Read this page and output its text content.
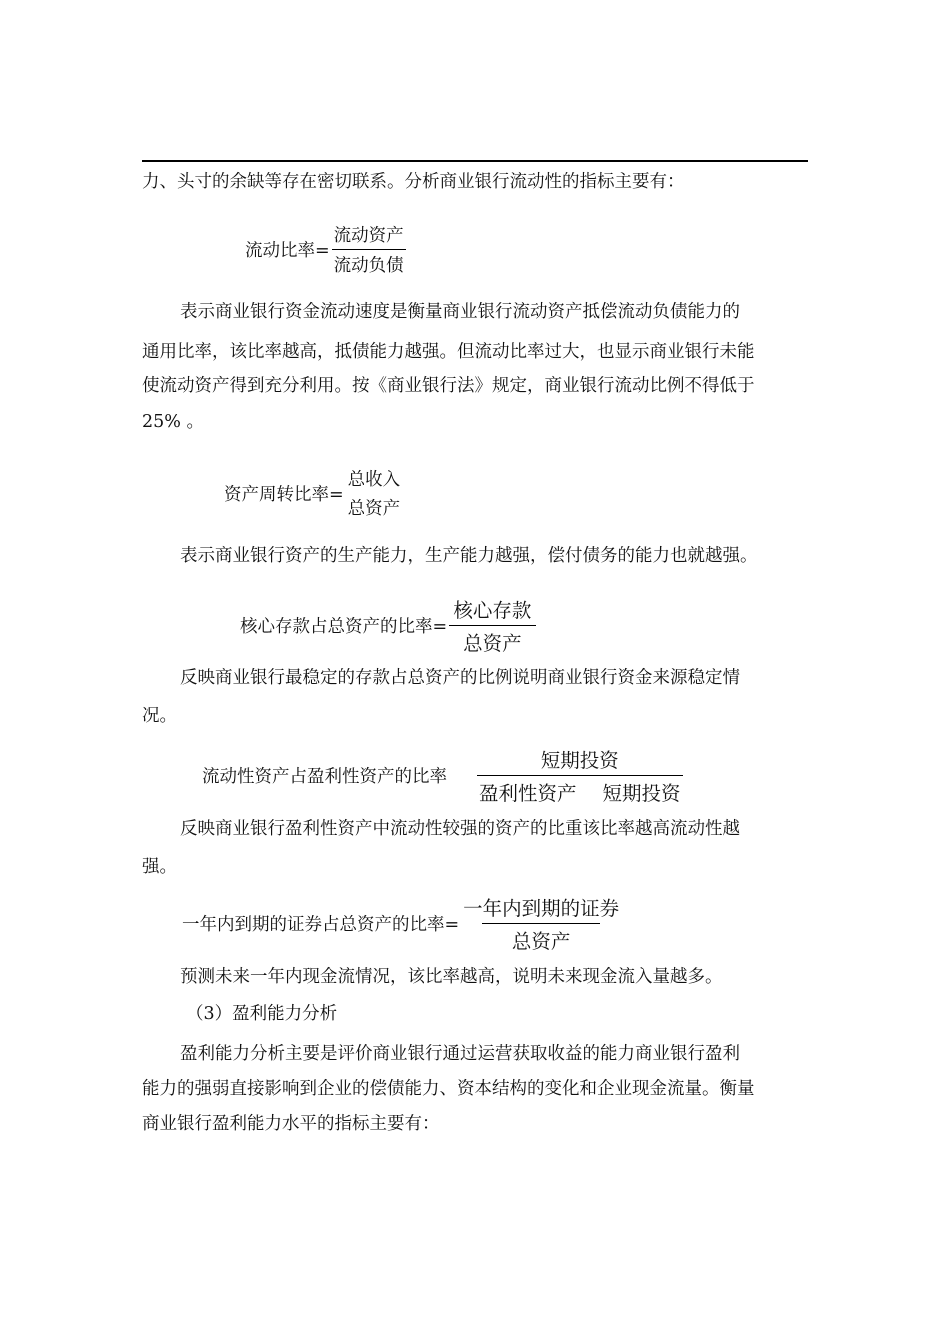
力、头寸的余缺等存在密切联系。分析商业银行流动性的指标主要有：
流动比率= $\frac{\text{流动资产}}{\text{流动负债}}$
表示商业银行资金流动速度是衡量商业银行流动资产抵偿流动负债能力的
通用比率，该比率越高，抵债能力越强。但流动比率过大，也显示商业银行未能
使流动资产得到充分利用。按《商业银行法》规定，商业银行流动比例不得低于
25% 。
资产周转比率=
总收入
总资产
表示商业银行资产的生产能力，生产能力越强，偿付债务的能力也就越强。
核心存款占总资产的比率= $\frac{\text{核心存款}}{\text{总资产}}$
反映商业银行最稳定的存款占总资产的比例说明商业银行资金来源稳定情
况。
流动性资产占盈利性资产的比率 $\frac{\text{短期投资}}{\text{盈利性资产 短期投资}}$
反映商业银行盈利性资产中流动性较强的资产的比重该比率越高流动性越
强。
一年内到期的证券占总资产的比率= $\frac{\text{一年内到期的证券}}{\text{总资产}}$
预测未来一年内现金流情况，该比率越高，说明未来现金流入量越多。
（3）盈利能力分析
盈利能力分析主要是评价商业银行通过运营获取收益的能力商业银行盈利
能力的强弱直接影响到企业的偿债能力、资本结构的变化和企业现金流量。衡量
商业银行盈利能力水平的指标主要有：
